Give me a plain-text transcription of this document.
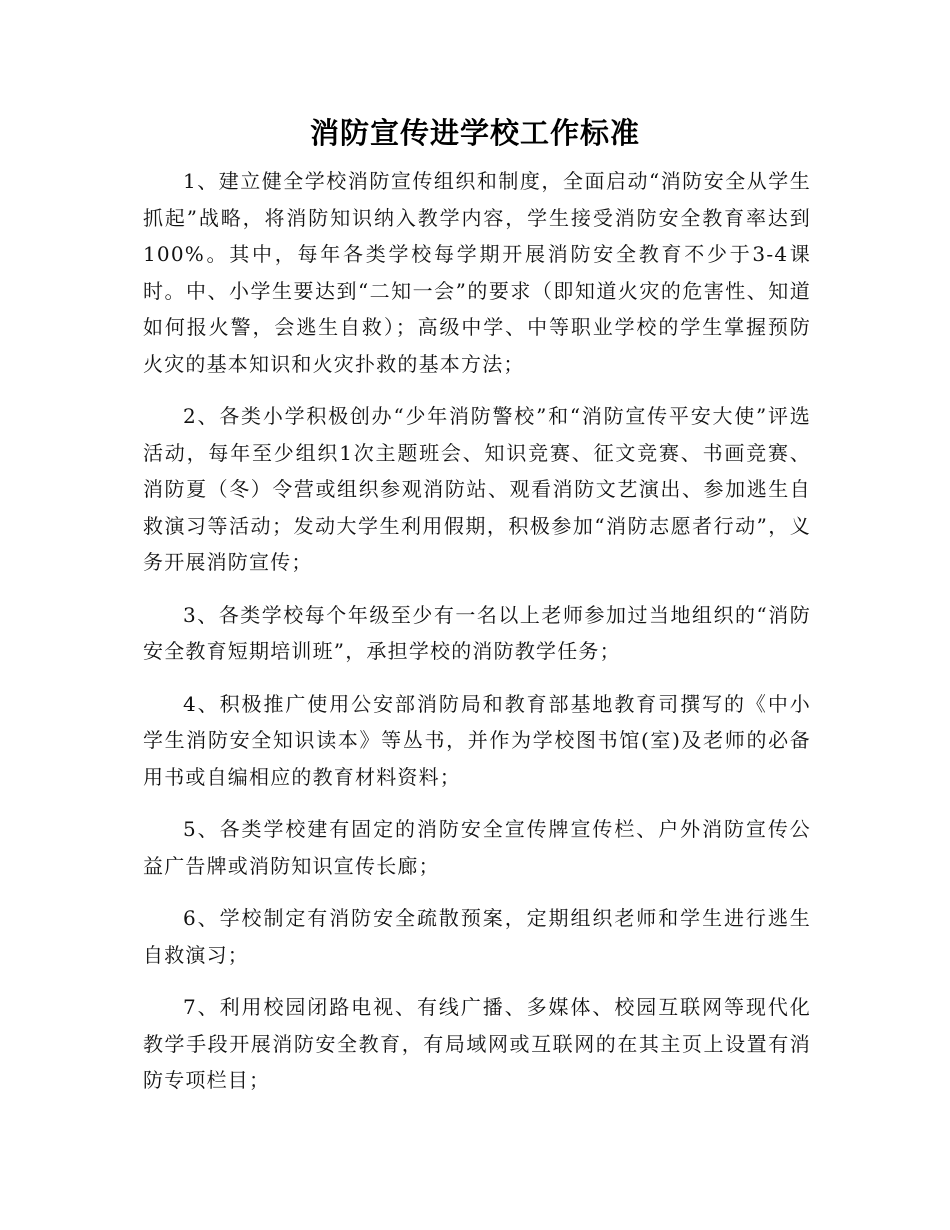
消防宣传进学校工作标准

1、建立健全学校消防宣传组织和制度，全面启动“消防安全从学生抓起”战略，将消防知识纳入教学内容，学生接受消防安全教育率达到100%。其中，每年各类学校每学期开展消防安全教育不少于3-4课时。中、小学生要达到“二知一会”的要求（即知道火灾的危害性、知道如何报火警，会逃生自救）；高级中学、中等职业学校的学生掌握预防火灾的基本知识和火灾扑救的基本方法；

2、各类小学积极创办“少年消防警校”和“消防宣传平安大使”评选活动，每年至少组织1次主题班会、知识竞赛、征文竞赛、书画竞赛、消防夏（冬）令营或组织参观消防站、观看消防文艺演出、参加逃生自救演习等活动；发动大学生利用假期，积极参加“消防志愿者行动”，义务开展消防宣传；

3、各类学校每个年级至少有一名以上老师参加过当地组织的“消防安全教育短期培训班”，承担学校的消防教学任务；

4、积极推广使用公安部消防局和教育部基地教育司撰写的《中小学生消防安全知识读本》等丛书，并作为学校图书馆(室)及老师的必备用书或自编相应的教育材料资料；

5、各类学校建有固定的消防安全宣传牌宣传栏、户外消防宣传公益广告牌或消防知识宣传长廊；

6、学校制定有消防安全疏散预案，定期组织老师和学生进行逃生自救演习；

7、利用校园闭路电视、有线广播、多媒体、校园互联网等现代化教学手段开展消防安全教育，有局域网或互联网的在其主页上设置有消防专项栏目；
